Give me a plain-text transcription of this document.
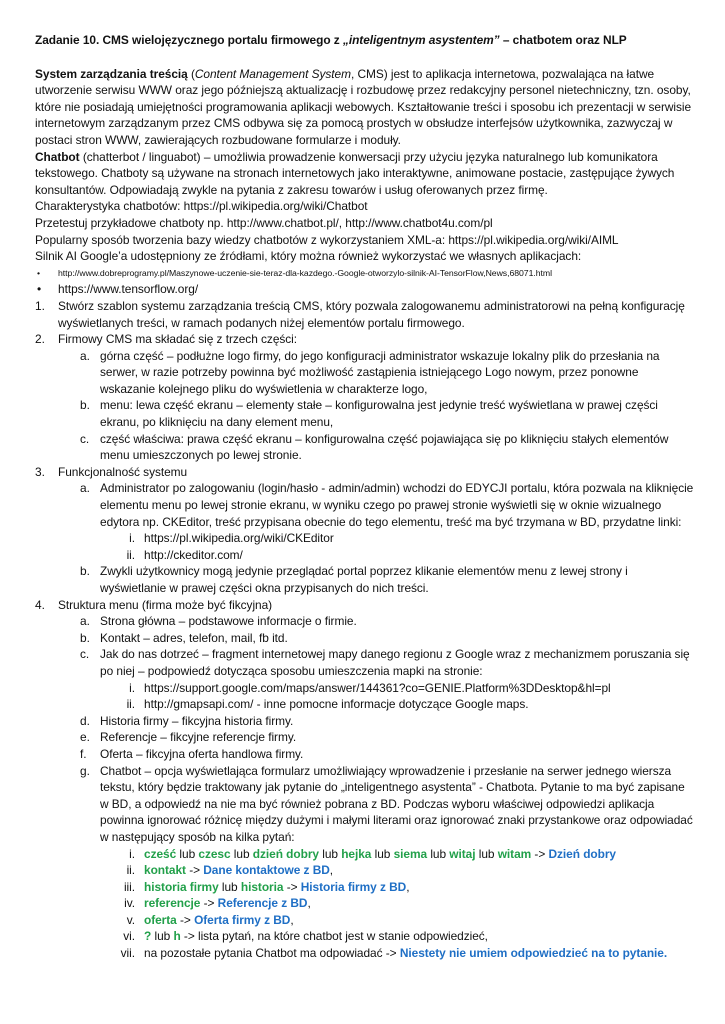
Zadanie 10. CMS wielojęzycznego portalu firmowego z „inteligentnym asystentem” – chatbotem oraz NLP

System zarządzania treścią (Content Management System, CMS) jest to aplikacja internetowa, pozwalająca na łatwe utworzenie serwisu WWW oraz jego późniejszą aktualizację i rozbudowę przez redakcyjny personel nietechniczny, tzn. osoby, które nie posiadają umiejętności programowania aplikacji webowych. Kształtowanie treści i sposobu ich prezentacji w serwisie internetowym zarządzanym przez CMS odbywa się za pomocą prostych w obsłudze interfejsów użytkownika, zazwyczaj w postaci stron WWW, zawierających rozbudowane formularze i moduły.

Chatbot (chatterbot / linguabot) – umożliwia prowadzenie konwersacji przy użyciu języka naturalnego lub komunikatora tekstowego. Chatboty są używane na stronach internetowych jako interaktywne, animowane postacie, zastępujące żywych konsultantów. Odpowiadają zwykle na pytania z zakresu towarów i usług oferowanych przez firmę.

Charakterystyka chatbotów: https://pl.wikipedia.org/wiki/Chatbot

Przetestuj przykładowe chatboty np. http://www.chatbot.pl/, http://www.chatbot4u.com/pl

Popularny sposób tworzenia bazy wiedzy chatbotów z wykorzystaniem XML-a: https://pl.wikipedia.org/wiki/AIML

Silnik AI Google’a udostępniony ze źródłami, który można również wykorzystać we własnych aplikacjach:

• http://www.dobreprogramy.pl/Maszynowe-uczenie-sie-teraz-dla-kazdego.-Google-otworzylo-silnik-AI-TensorFlow,News,68071.html

• https://www.tensorflow.org/

1. Stwórz szablon systemu zarządzania treścią CMS, który pozwala zalogowanemu administratorowi na pełną konfigurację wyświetlanych treści, w ramach podanych niżej elementów portalu firmowego.
2. Firmowy CMS ma składać się z trzech części:
a. górna część – podłużne logo firmy, do jego konfiguracji administrator wskazuje lokalny plik do przesłania na serwer, w razie potrzeby powinna być możliwość zastąpienia istniejącego Logo nowym, przez ponowne wskazanie kolejnego pliku do wyświetlenia w charakterze logo,
b. menu: lewa część ekranu – elementy stałe – konfigurowalna jest jedynie treść wyświetlana w prawej części ekranu, po kliknięciu na dany element menu,
c. część właściwa: prawa część ekranu – konfigurowalna część pojawiająca się po kliknięciu stałych elementów menu umieszczonych po lewej stronie.
3. Funkcjonalność systemu
a. Administrator po zalogowaniu (login/hasło - admin/admin) wchodzi do EDYCJI portalu, która pozwala na kliknięcie elementu menu po lewej stronie ekranu, w wyniku czego po prawej stronie wyświetli się w oknie wizualnego edytora np. CKEditor, treść przypisana obecnie do tego elementu, treść ma być trzymana w BD, przydatne linki:
i. https://pl.wikipedia.org/wiki/CKEditor
ii. http://ckeditor.com/
b. Zwykli użytkownicy mogą jedynie przeglądać portal poprzez klikanie elementów menu z lewej strony i wyświetlanie w prawej części okna przypisanych do nich treści.
4. Struktura menu (firma może być fikcyjna)
a. Strona główna – podstawowe informacje o firmie.
b. Kontakt – adres, telefon, mail, fb itd.
c. Jak do nas dotrzeć – fragment internetowej mapy danego regionu z Google wraz z mechanizmem poruszania się po niej – podpowiedź dotycząca sposobu umieszczenia mapki na stronie:
i. https://support.google.com/maps/answer/144361?co=GENIE.Platform%3DDesktop&hl=pl
ii. http://gmapsapi.com/ - inne pomocne informacje dotyczące Google maps.
d. Historia firmy – fikcyjna historia firmy.
e. Referencje – fikcyjne referencje firmy.
f. Oferta – fikcyjna oferta handlowa firmy.
g. Chatbot – opcja wyświetlająca formularz umożliwiający wprowadzenie i przesłanie na serwer jednego wiersza tekstu, który będzie traktowany jak pytanie do „inteligentnego asystenta” - Chatbota. Pytanie to ma być zapisane w BD, a odpowiedź na nie ma być również pobrana z BD. Podczas wyboru właściwej odpowiedzi aplikacja powinna ignorować różnicę między dużymi i małymi literami oraz ignorować znaki przystankowe oraz odpowiadać w następujący sposób na kilka pytań:
i. cześć lub czesc lub dzień dobry lub hejka lub siema lub witaj lub witam -> Dzień dobry
ii. kontakt -> Dane kontaktowe z BD,
iii. historia firmy lub historia -> Historia firmy z BD,
iv. referencje -> Referencje z BD,
v. oferta -> Oferta firmy z BD,
vi. ? lub h -> lista pytań, na które chatbot jest w stanie odpowiedzieć,
vii. na pozostałe pytania Chatbot ma odpowiadać -> Niestety nie umiem odpowiedzieć na to pytanie.
